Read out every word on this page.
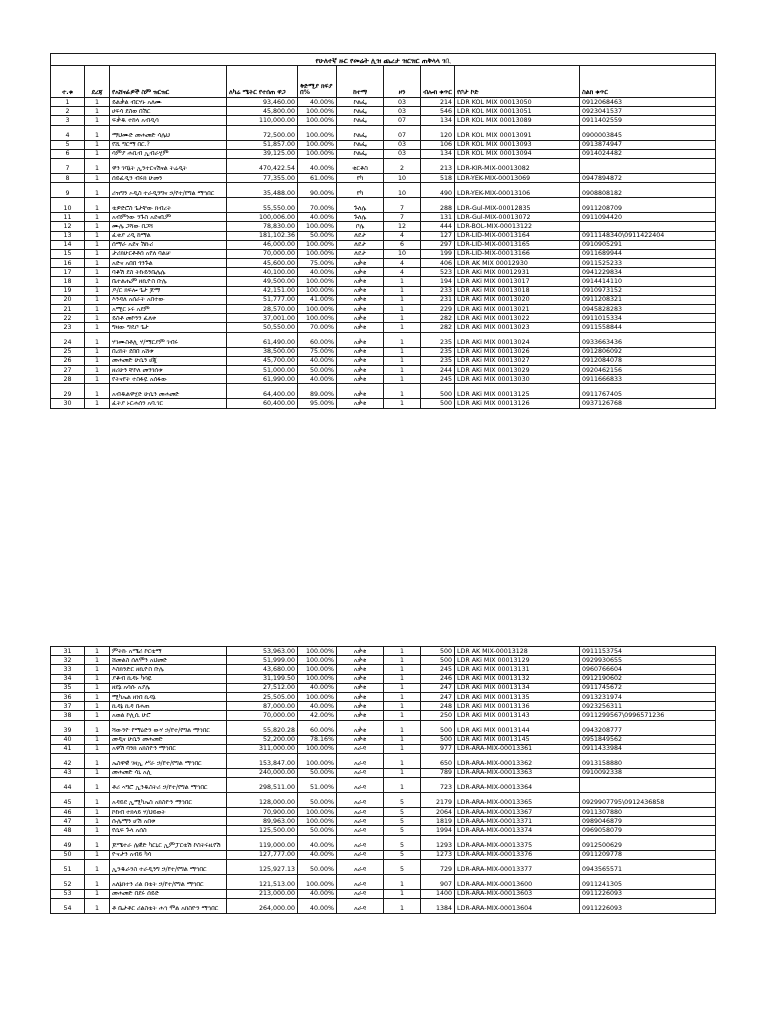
የሁለተኛ ዙር የመሬት ሊዝ ጨረታ ዝርዝር ጠቅላላ ገቢ									
ተ.ቁ	ደረጃ	የአሸናፊዎች ስም ዝርዝር	ለካሬ ሜትር የተሰጠ ዋጋ	ቅድሚያ ክፍያ በ%	ከተማ	ዞን	ብሎክ ቁጥር	የቦታ ኮድ	ስልክ ቁጥር
1	1	ይልቃል ብርሃኑ አለሙ	93,460.00	40.00%	ኮልፌ	03	214	LDR KOL MIX 00013050	0912068463
2	1	ሀፍሳ ደስወ በሽር	45,800.00	100.00%	ኮልፌ	03	546	LDR KOL MIX 00013051	0923041537
3	1	ፍቃዱ ተከላ አብዲሳ	110,000.00	100.00%	ኮልፌ	07	134	LDR KOL MIX 00013089	0911402559
4	1	ማህሙድ መሐመድ ሳሌህ	72,500.00	100.00%	ኮልፌ	07	120	LDR KOL MIX 00013091	0900003845
5	1	የሺ ግርማ በር.?	51,857.00	100.00%	ኮልፌ	03	106	LDR KOL MIX 00013093	0913874947
6	1	ሳምያ ሐቢብ ኢብራሂም	39,125.00	100.00%	ኮልፌ	03	134	LDR KOL MIX 00013094	0914024482
7	1	ዋን ገባኔት ኢንተርናሽናል ትሬዲት	470,422.54	40.00%	ቂርቆስ	2	213	LDR-KIR-MIX-00013082	
8	1	ሰይፈዲን ብሩክ ሁመን	77,355.00	61.00%	የካ	10	518	LDR-YEK-MIX-00013069	0947894872
9	1	ሪዝግን ኦዲስ ተራዲንግና ኃ/የተ/የግል ማኅበር	35,488.00	90.00%	የካ	10	490	LDR-YEK-MIX-00013106	0908808182
10	1	ቴዎድሮስ ጌታቸው ክብረት	55,550.00	70.00%	ጉለሌ	7	288	LDR-Gul-MIX-00012835	0911208709
11	1	አብምነው ንጉስ አደናቢም	100,006.00	40.00%	ጉለሌ	7	131	LDR-Gul-MIX-00013072	0911094420
12	1	ሙሌ ጋሻው በጋሻ	78,830.00	100.00%	ቦሌ	12	444	LDR-BOL-MIX-00013122	
13	1	ፈቂያ ረዲ ከማል	181,102.36	50.00%	ለደታ	4	127	LDR-LID-MIX-00013164	0911148340\0911422404
14	1	ሰማራ አደና ሽኩሪ	46,000.00	100.00%	ለደታ	6	297	LDR-LID-MIX-00013165	0910905291
15	1	ታሪክሁርቶቶሰ አየለ ባልቻ	70,000.00	100.00%	ለደታ	10	199	LDR-LID-MIX-00013166	0911689944
16	1	አድና አበበ ጎንጉል	45,600.00	75.00%	አቃቂ	4	406	LDR AK MIX 00012930	0911525233
17	1	ባቆሽ ደስ ትኩይንቤሌሌ	40,100.00	40.00%	አቃቂ	4	523	LDR AKi MIX 00012931	0941229834
18	1	ቤተልሔም ዘኪዮስ ቡሌ	49,500.00	100.00%	አቃቂ	1	194	LDR AKi MIX 00013017	0914414110
19	1	ዶ/ር ክፍሎ ጌታ ጆማ	42,151.00	100.00%	አቃቂ	1	233	LDR AKi MIX 00013018	0910973152
20	1	እንዳለ አሰራት አበተው	51,777.00	41.00%	አቃቂ	1	231	LDR AKi MIX 00013020	0911208321
21	1	አሚር ኑሩ አደም	28,570.00	100.00%	አቃቂ	1	229	LDR AKi MIX 00013021	0945828283
22	1	ይስቶ መኮንን ፈለቀ	37,001.00	100.00%	አቃቂ	1	282	LDR AKi MIX 00013022	0911015334
23	1	ግዛው ግዴቦ ጌታ	50,550.00	70.00%	አቃቂ	1	282	LDR AKi MIX 00013023	0911558844
24	1	ሃገሙስቶሊ ሃ/ማርያም ገብሩ	61,490.00	60.00%	አቃቂ	1	235	LDR AKi MIX 00013024	0933663436
25	1	በረከት ደበበ አሸቱ	38,500.00	75.00%	አቃቂ	1	235	LDR AKi MIX 00013026	0912806092
26	1	መሐመድ ሁሴን ሀጂ	45,700.00	40.00%	አቃቂ	1	235	LDR AKi MIX 00013027	0912084078
27	1	ዘሪሁን ቸኮለ መንገሰቱ	51,000.00	50.00%	አቃቂ	1	244	LDR AKi MIX 00013029	0920462156
28	1	የትናየት ተስፋዬ አሰፋው	61,990.00	40.00%	አቃቂ	1	245	LDR AKi MIX 00013030	0911666833
29	1	አብዱልዋሂድ ሁሴን መሐመድ	64,400.00	89.00%	አቃቂ	1	500	LDR AKi MIX 00013125	0911767405
30	1	ፈትያ ኑርሐሰን አባ.ገር	60,400.00	95.00%	አቃቂ	1	500	LDR AKi MIX 00013126	0937126768
31	1	ምትኩ አሜሪ ኮርቴማ	53,963.00	100.00%	አቃቂ	1	500	LDR AK MIX-00013128	0911153754
32	1	ሸመልስ ሰለሞን አህመድ	51,999.00	100.00%	አቃቂ	1	500	LDR AKi MIX 00013129	0929930655
33	1	እስክንድር ዘኪዮስ ቡሌ	43,680.00	100.00%	አቃቂ	1	245	LDR AKi MIX 00013131	0960766604
34	1	ያቆብ ኪዳኑ ካሳዬ	31,199.50	100.00%	አቃቂ	1	246	LDR AKi MIX 00013132	0912190602
35	1	ዘደኔ አሳሱ አያሌ	27,512.00	40.00%	አቃቂ	1	247	LDR AKi MIX 00013134	0911745672
36	1	ሚካኤል ዘነበ ኪዳኔ	25,505.00	100.00%	አቃቂ	1	247	LDR AKi MIX 00013135	0913231974
37	1	ኪዳኔ ኪዳ በሐጠ	87,000.00	40.00%	አቃቂ	1	248	LDR AKi MIX 00013136	0923256311
38	1	አወል ኮሊሲ ሁሮ	70,000.00	42.00%	አቃቂ	1	250	LDR AKi MIX 00013143	0911299567\0996571236
39	1	ሻውንዮ የማዕድን ውሃ ኃ/የተ/የግል ማኅበር	55,820.28	60.00%	አቃቂ	1	500	LDR AKi MIX 00013144	0943208777
40	1	መዲና ሁሴን መሐመድ	52,200.00	78.16%	አቃቂ	1	500	LDR AKi MIX 00013145	0951849562
41	1	አዋሽ ባንክ አክስዮን ማኅበር	311,000.00	100.00%	አራዳ	1	977	LDR-ARA-MIX-00013361	0911433984
42	1	ኤስዋዊ ገዛኢ ሥራ ኃ/የተ/የግል ማኅበር	153,847.00	100.00%	አራዳ	1	650	LDR-ARA-MIX-00013362	0913158880
43	1	መሐመድ ሳኒ አሊ	240,000.00	50.00%	አራዳ	1	789	LDR-ARA-MIX-00013363	0910092338
44	1	ቶሪ ኣግሮ ኢንዱስትሪ ኃ/የተ/የግል ማኅበር	298,511.00	51.00%	አራዳ	1	723	LDR-ARA-MIX-00013364	
45	1	አዳይደ ኢሚካኤስ አክስዮን ማኅበር	128,000.00	50.00%	አራዳ	5	2179	LDR-ARA-MIX-00013365	0929907795\0912436858
46	1	ኮከብ ተክላይ ሃ/ህይወት	70,900.00	100.00%	አራዳ	5	2064	LDR-ARA-MIX-00013367	0911307880
47	1	ሱሌማን ሆሽ አበቱ	89,963.00	100.00%	አራዳ	5	1819	LDR-ARA-MIX-00013371	0989046879
48	1	የሴፍ ጉላ አሰስ	125,500.00	50.00%	አራዳ	5	1994	LDR-ARA-MIX-00013374	0969058079
49	1	ጆሜተራ ሌዊድ ካርኒር ኢምፓርቴሽ ኮስትሩዚየሽ	119,000.00	40.00%	አራዳ	5	1293	LDR-ARA-MIX-00013375	0912500629
50	1	ዮናታን አብይ ካሳ	127,777.00	40.00%	አራዳ	5	1273	LDR-ARA-MIX-00013376	0911209778
51	1	ኢንዱራንስ ተራዲንግ ኃ/የተ/የግል ማኅበር	125,927.13	50.00%	አራዳ	5	729	LDR-ARA-MIX-00013377	0943565571
52	1	አለኔክተን ሪል በቴት ኃ/የተ/የግል ማኅበር	121,513.00	100.00%	አራዳ	1	907	LDR-ARA-MIX-00013600	0911241305
53	1	መሐመድ በደሩ ሰይድ	213,000.00	40.00%	አራዳ	1	1400	LDR-ARA-MIX-00013603	0911226093
54	1	ቶ ቤታቶር ሪልስቴት ሐኅ ሞል አክስዮን ማኅበር	264,000.00	40.00%	አራዳ	1	1384	LDR-ARA-MIX-00013604	0911226093
